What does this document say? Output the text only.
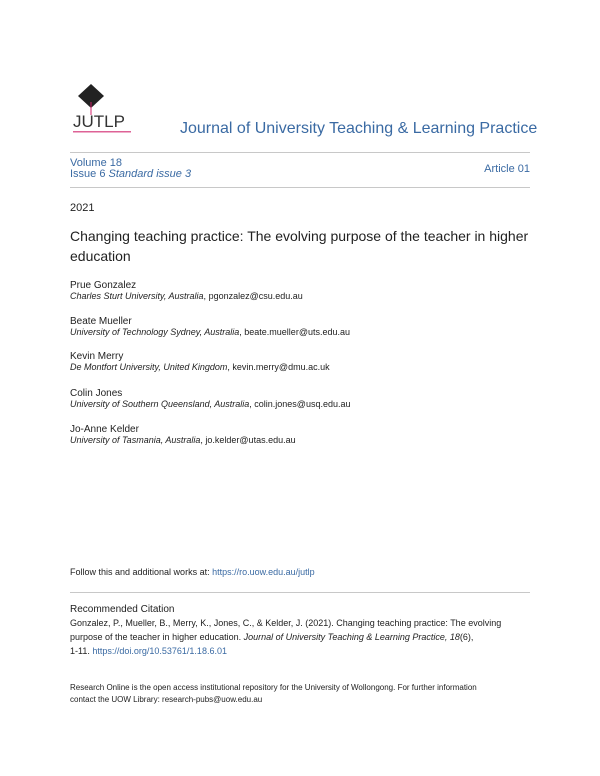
JUTLP	Journal of University Teaching & Learning Practice
Volume 18
Issue 6 Standard issue 3	Article 01
2021
Changing teaching practice: The evolving purpose of the teacher in higher
education
Prue Gonzalez
Charles Sturt University, Australia, pgonzalez@csu.edu.au
Beate Mueller
University of Technology Sydney, Australia, beate.mueller@uts.edu.au
Kevin Merry
De Montfort University, United Kingdom, kevin.merry@dmu.ac.uk
Colin Jones
University of Southern Queensland, Australia, colin.jones@usq.edu.au
Jo-Anne Kelder
University of Tasmania, Australia, jo.kelder@utas.edu.au
Follow this and additional works at: https://ro.uow.edu.au/jutlp
Recommended Citation
Gonzalez, P., Mueller, B., Merry, K., Jones, C., & Kelder, J. (2021). Changing teaching practice: The evolving
purpose of the teacher in higher education. Journal of University Teaching & Learning Practice, 18(6),
1-11. https://doi.org/10.53761/1.18.6.01
Research Online is the open access institutional repository for the University of Wollongong. For further information
contact the UOW Library: research-pubs@uow.edu.au
